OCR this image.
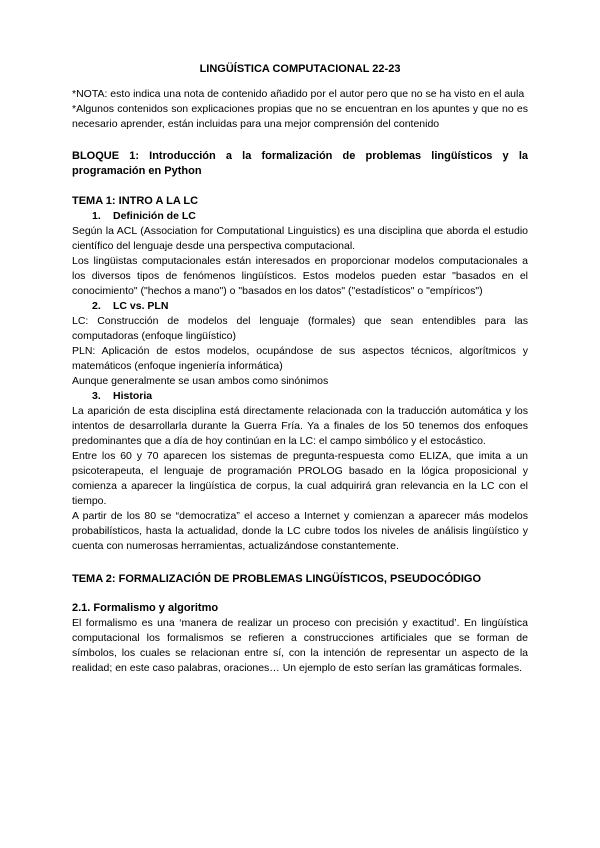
LINGÜÍSTICA COMPUTACIONAL 22-23

*NOTA: esto indica una nota de contenido añadido por el autor pero que no se ha visto en el aula

*Algunos contenidos son explicaciones propias que no se encuentran en los apuntes y que no es necesario aprender, están incluidas para una mejor comprensión del contenido

BLOQUE 1: Introducción a la formalización de problemas lingüísticos y la programación en Python
TEMA 1: INTRO A LA LC
1. Definición de LC

Según la ACL (Association for Computational Linguistics) es una disciplina que aborda el estudio científico del lenguaje desde una perspectiva computacional.

Los lingüistas computacionales están interesados en proporcionar modelos computacionales a los diversos tipos de fenómenos lingüísticos. Estos modelos pueden estar "basados en el conocimiento" ("hechos a mano") o "basados en los datos" ("estadísticos" o "empíricos")

2. LC vs. PLN

LC: Construcción de modelos del lenguaje (formales) que sean entendibles para las computadoras (enfoque lingüístico)

PLN: Aplicación de estos modelos, ocupándose de sus aspectos técnicos, algorítmicos y matemáticos (enfoque ingeniería informática)

Aunque generalmente se usan ambos como sinónimos

3. Historia

La aparición de esta disciplina está directamente relacionada con la traducción automática y los intentos de desarrollarla durante la Guerra Fría. Ya a finales de los 50 tenemos dos enfoques predominantes que a día de hoy continúan en la LC: el campo simbólico y el estocástico.

Entre los 60 y 70 aparecen los sistemas de pregunta-respuesta como ELIZA, que imita a un psicoterapeuta, el lenguaje de programación PROLOG basado en la lógica proposicional y comienza a aparecer la lingüística de corpus, la cual adquirirá gran relevancia en la LC con el tiempo.

A partir de los 80 se “democratiza” el acceso a Internet y comienzan a aparecer más modelos probabilísticos, hasta la actualidad, donde la LC cubre todos los niveles de análisis lingüístico y cuenta con numerosas herramientas, actualizándose constantemente.

TEMA 2: FORMALIZACIÓN DE PROBLEMAS LINGÜÍSTICOS, PSEUDOCÓDIGO
2.1. Formalismo y algoritmo

El formalismo es una ‘manera de realizar un proceso con precisión y exactitud’. En lingüística computacional los formalismos se refieren a construcciones artificiales que se forman de símbolos, los cuales se relacionan entre sí, con la intención de representar un aspecto de la realidad; en este caso palabras, oraciones… Un ejemplo de esto serían las gramáticas formales.
